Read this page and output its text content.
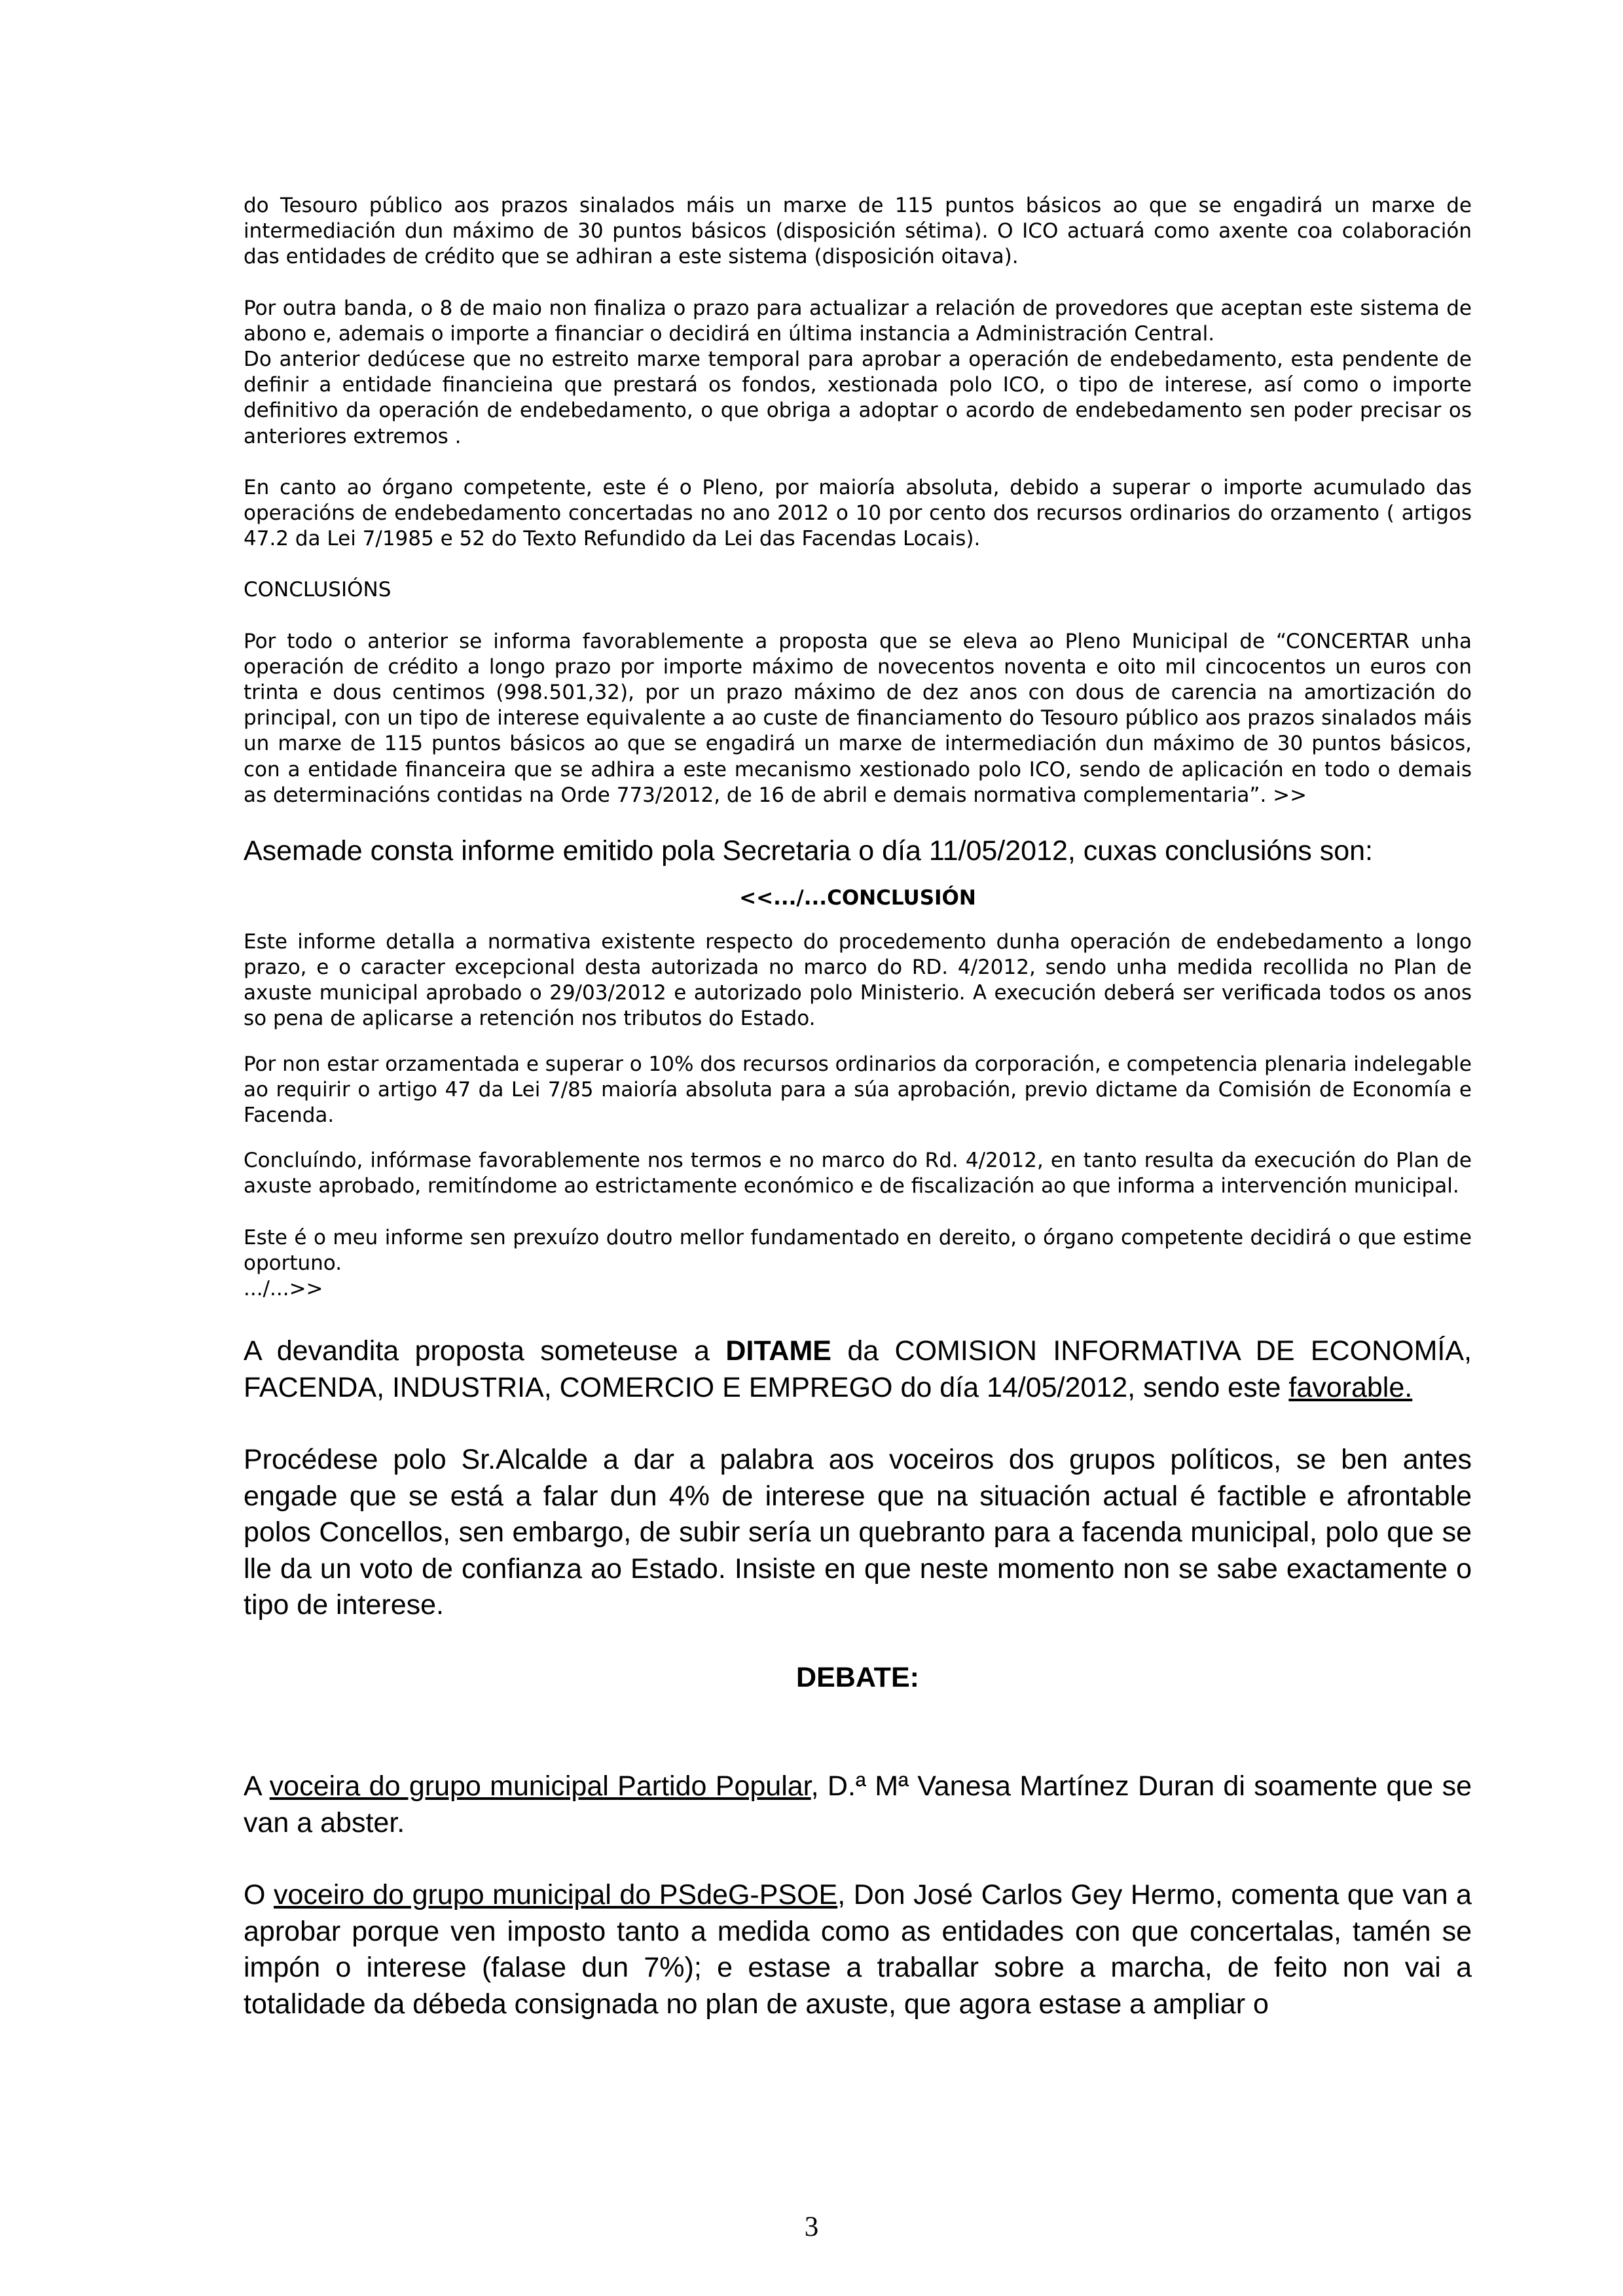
do Tesouro público aos prazos sinalados máis un marxe de 115 puntos básicos ao que se engadirá un marxe de intermediación dun máximo de 30 puntos básicos (disposición sétima). O ICO actuará como axente coa colaboración das entidades de crédito que se adhiran a este sistema (disposición oitava).

Por outra banda, o 8 de maio non finaliza o prazo para actualizar a relación de provedores que aceptan este sistema de abono e, ademais o importe a financiar o decidirá en última instancia a Administración Central.

Do anterior dedúcese que no estreito marxe temporal para aprobar a operación de endebedamento, esta pendente de definir a entidade financieina que prestará os fondos, xestionada polo ICO, o tipo de interese, así como o importe definitivo da operación de endebedamento, o que obriga a adoptar o acordo de endebedamento sen poder precisar os anteriores extremos .

En canto ao órgano competente, este é o Pleno, por maioría absoluta, debido a superar o importe acumulado das operacións de endebedamento concertadas no ano 2012 o 10 por cento dos recursos ordinarios do orzamento ( artigos 47.2 da Lei 7/1985 e 52 do Texto Refundido da Lei das Facendas Locais).

CONCLUSIÓNS

Por todo o anterior se informa favorablemente a proposta que se eleva ao Pleno Municipal de “CONCERTAR unha operación de crédito a longo prazo por importe máximo de novecentos noventa e oito mil cincocentos un euros con trinta e dous centimos (998.501,32), por un prazo máximo de dez anos con dous de carencia na amortización do principal, con un tipo de interese equivalente a ao custe de financiamento do Tesouro público aos prazos sinalados máis un marxe de 115 puntos básicos ao que se engadirá un marxe de intermediación dun máximo de 30 puntos básicos, con a entidade financeira que se adhira a este mecanismo xestionado polo ICO, sendo de aplicación en todo o demais as determinacións contidas na Orde 773/2012, de 16 de abril e demais normativa complementaria”. >>

Asemade consta informe emitido pola Secretaria o día 11/05/2012, cuxas conclusións son:

<<.../...CONCLUSIÓN

Este informe detalla a normativa existente respecto do procedemento dunha operación de endebedamento a longo prazo, e o caracter excepcional desta autorizada no marco do RD. 4/2012, sendo unha medida recollida no Plan de axuste municipal aprobado o 29/03/2012 e autorizado polo Ministerio. A execución deberá ser verificada todos os anos so pena de aplicarse a retención nos tributos do Estado.

Por non estar orzamentada e superar o 10% dos recursos ordinarios da corporación, e competencia plenaria indelegable ao requirir o artigo 47 da Lei 7/85 maioría absoluta para a súa aprobación, previo dictame da Comisión de Economía e Facenda.

Concluíndo, infórmase favorablemente nos termos e no marco do Rd. 4/2012, en tanto resulta da execución do Plan de axuste aprobado, remitíndome ao estrictamente económico e de fiscalización ao que informa a intervención municipal.

Este é o meu informe sen prexuízo doutro mellor fundamentado en dereito, o órgano competente decidirá o que estime oportuno.

.../...>>

A devandita proposta someteuse a DITAME da COMISION INFORMATIVA DE ECONOMÍA, FACENDA, INDUSTRIA, COMERCIO E EMPREGO do día 14/05/2012, sendo este favorable.

Procédese polo Sr.Alcalde a dar a palabra aos voceiros dos grupos políticos, se ben antes engade que se está a falar dun 4% de interese que na situación actual é factible e afrontable polos Concellos, sen embargo, de subir sería un quebranto para a facenda municipal, polo que se lle da un voto de confianza ao Estado. Insiste en que neste momento non se sabe exactamente o tipo de interese.

DEBATE:

A voceira do grupo municipal Partido Popular, D.ª Mª Vanesa Martínez Duran di soamente que se van a abster.

O voceiro do grupo municipal do PSdeG-PSOE, Don José Carlos Gey Hermo, comenta que van a aprobar porque ven imposto tanto a medida como as entidades con que concertalas, tamén se impón o interese (falase dun 7%); e estase a traballar sobre a marcha, de feito non vai a totalidade da débeda consignada no plan de axuste, que agora estase a ampliar o

3
